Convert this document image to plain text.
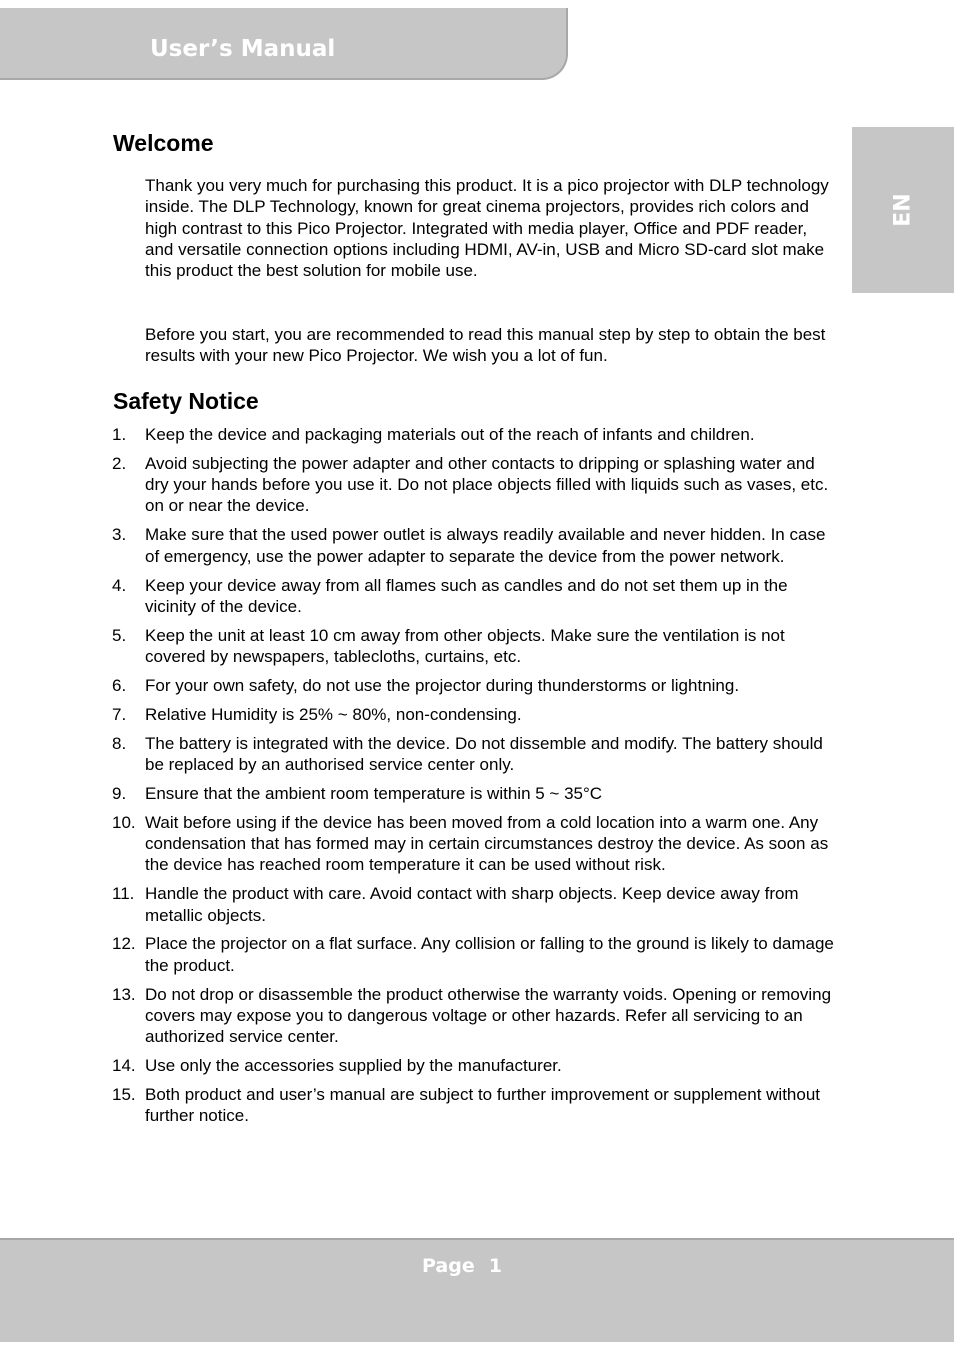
User’s Manual
EN
Welcome

Thank you very much for purchasing this product. It is a pico projector with DLP technology inside. The DLP Technology, known for great cinema projectors, provides rich colors and high contrast to this Pico Projector. Integrated with media player, Office and PDF reader, and versatile connection options including HDMI, AV-in, USB and Micro SD-card slot make this product the best solution for mobile use.

Before you start, you are recommended to read this manual step by step to obtain the best results with your new Pico Projector. We wish you a lot of fun.

Safety Notice
1. Keep the device and packaging materials out of the reach of infants and children.
2. Avoid subjecting the power adapter and other contacts to dripping or splashing water and dry your hands before you use it. Do not place objects filled with liquids such as vases, etc. on or near the device.
3. Make sure that the used power outlet is always readily available and never hidden. In case of emergency, use the power adapter to separate the device from the power network.
4. Keep your device away from all flames such as candles and do not set them up in the vicinity of the device.
5. Keep the unit at least 10 cm away from other objects. Make sure the ventilation is not covered by newspapers, tablecloths, curtains, etc.
6. For your own safety, do not use the projector during thunderstorms or lightning.
7. Relative Humidity is 25% ~ 80%, non-condensing.
8. The battery is integrated with the device. Do not dissemble and modify. The battery should be replaced by an authorised service center only.
9. Ensure that the ambient room temperature is within 5 ~ 35°C
10. Wait before using if the device has been moved from a cold location into a warm one. Any condensation that has formed may in certain circumstances destroy the device. As soon as the device has reached room temperature it can be used without risk.
11. Handle the product with care. Avoid contact with sharp objects. Keep device away from metallic objects.
12. Place the projector on a flat surface. Any collision or falling to the ground is likely to damage the product.
13. Do not drop or disassemble the product otherwise the warranty voids. Opening or removing covers may expose you to dangerous voltage or other hazards. Refer all servicing to an authorized service center.
14. Use only the accessories supplied by the manufacturer.
15. Both product and user’s manual are subject to further improvement or supplement without further notice.
Page 1
